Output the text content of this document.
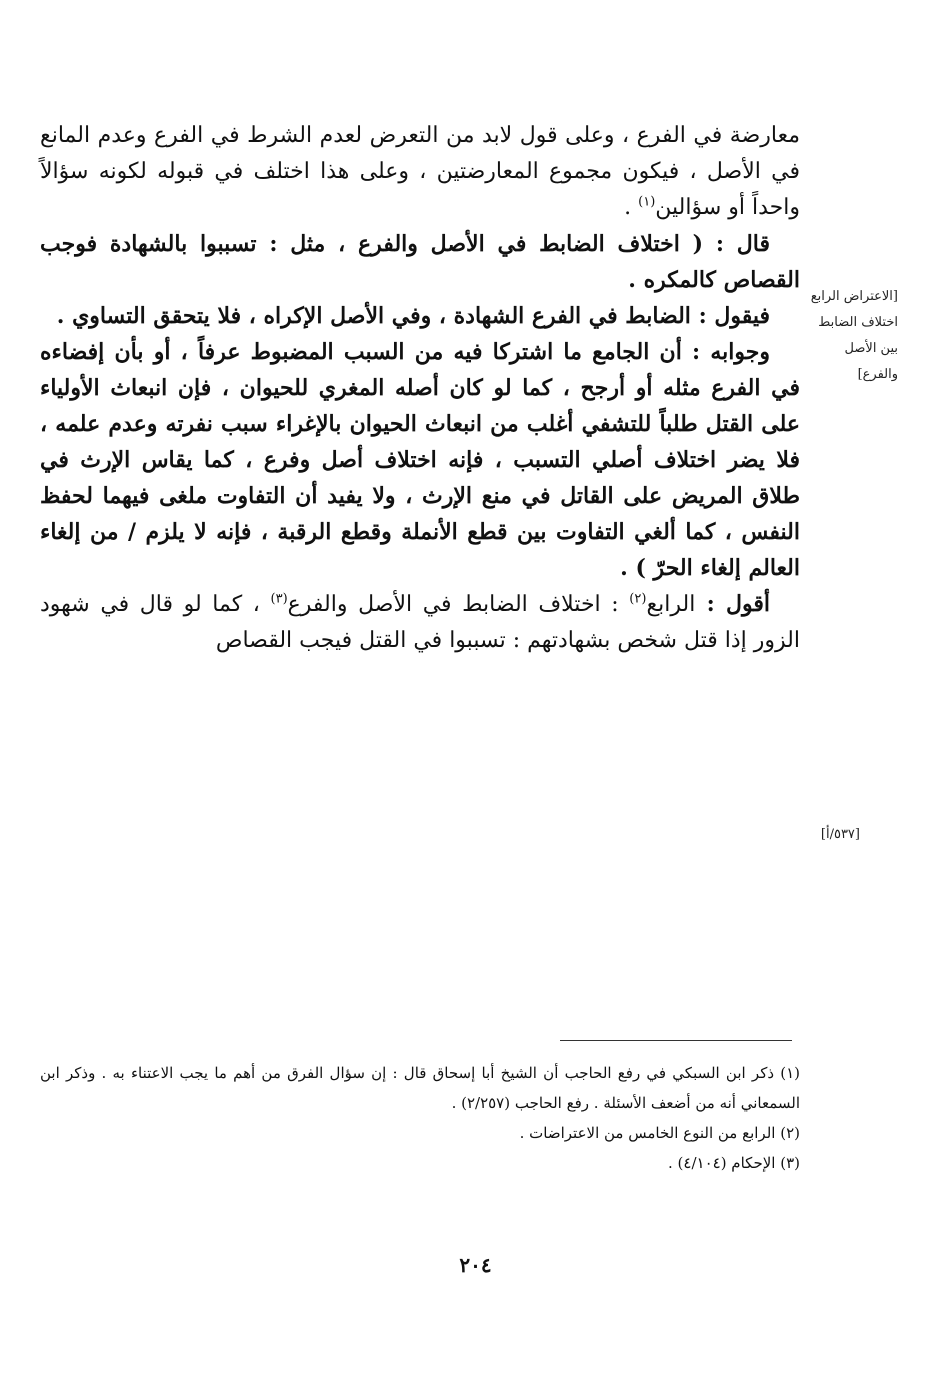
معارضة في الفرع ، وعلى قول لابد من التعرض لعدم الشرط في الفرع وعدم المانع في الأصل ، فيكون مجموع المعارضتين ، وعلى هذا اختلف في قبوله لكونه سؤالاً واحداً أو سؤالين$^{(١)}$ .

قال : ( اختلاف الضابط في الأصل والفرع ، مثل : تسببوا بالشهادة فوجب القصاص كالمكره .

فيقول : الضابط في الفرع الشهادة ، وفي الأصل الإكراه ، فلا يتحقق التساوي .

وجوابه : أن الجامع ما اشتركا فيه من السبب المضبوط عرفاً ، أو بأن إفضاءه في الفرع مثله أو أرجح ، كما لو كان أصله المغري للحيوان ، فإن انبعاث الأولياء على القتل طلباً للتشفي أغلب من انبعاث الحيوان بالإغراء سبب نفرته وعدم علمه ، فلا يضر اختلاف أصلي التسبب ، فإنه اختلاف أصل وفرع ، كما يقاس الإرث في طلاق المريض على القاتل في منع الإرث ، ولا يفيد أن التفاوت ملغى فيهما لحفظ النفس ، كما ألغي التفاوت بين قطع الأنملة وقطع الرقبة ، فإنه لا يلزم / من إلغاء العالم إلغاء الحرّ ) .

أقول : الرابع$^{(٢)}$ : اختلاف الضابط في الأصل والفرع$^{(٣)}$ ، كما لو قال في شهود الزور إذا قتل شخص بشهادتهم : تسببوا في القتل فيجب القصاص

[الاعتراض الرابع اختلاف الضابط بين الأصل والفرع]
[٥٣٧/أ]

(١) ذكر ابن السبكي في رفع الحاجب أن الشيخ أبا إسحاق قال : إن سؤال الفرق من أهم ما يجب الاعتناء به . وذكر ابن السمعاني أنه من أضعف الأسئلة . رفع الحاجب (٢/٢٥٧) .

(٢) الرابع من النوع الخامس من الاعتراضات .

(٣) الإحكام (٤/١٠٤) .

٢٠٤
